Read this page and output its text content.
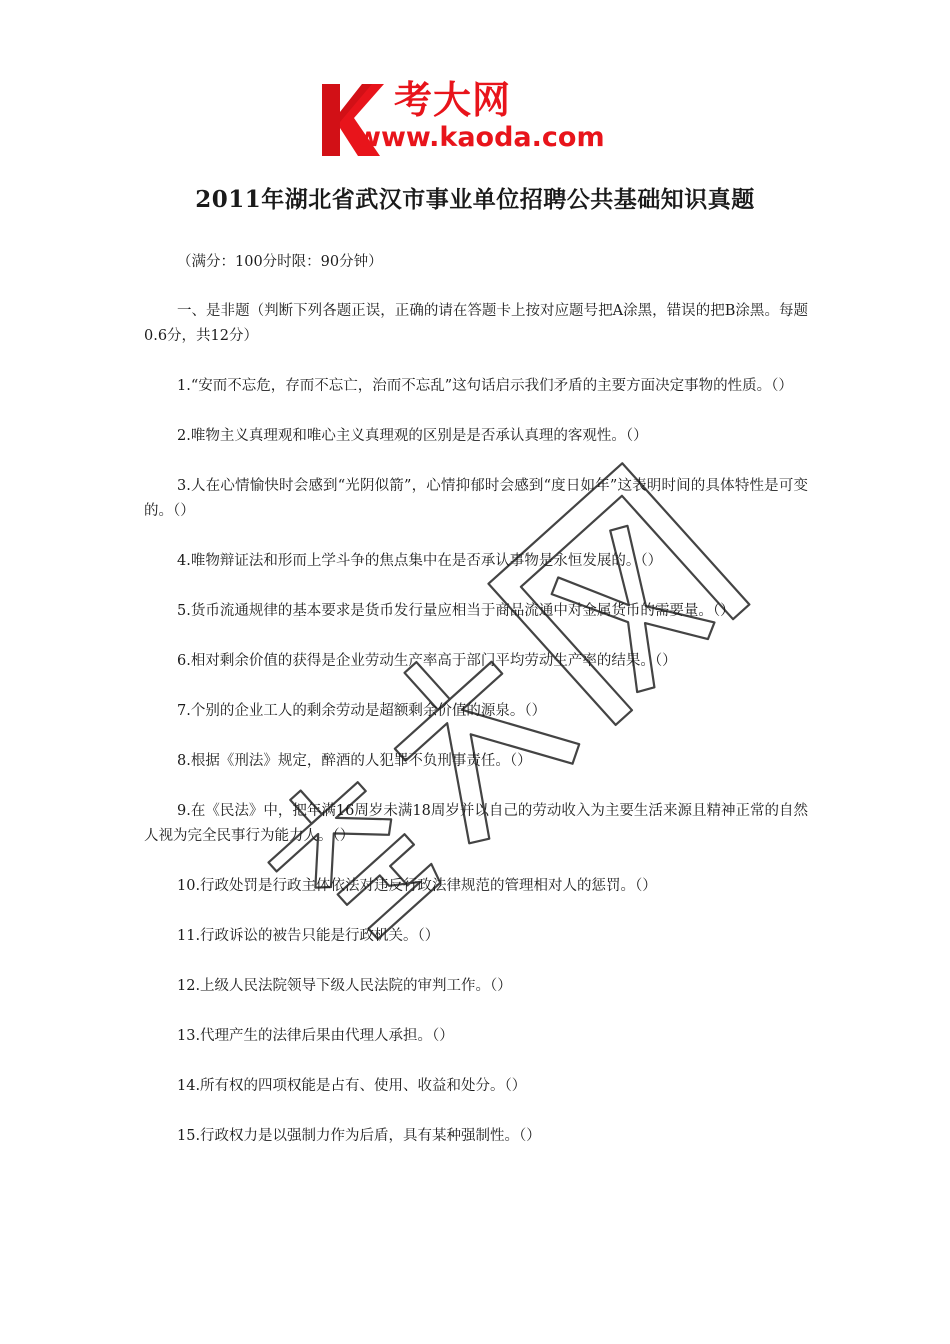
考大网
www.kaoda.com
2011年湖北省武汉市事业单位招聘公共基础知识真题

（满分：100分时限：90分钟）

一、是非题（判断下列各题正误，正确的请在答题卡上按对应题号把A涂黑，错误的把B涂黑。每题0.6分，共12分）

1.“安而不忘危，存而不忘亡，治而不忘乱”这句话启示我们矛盾的主要方面决定事物的性质。（）

2.唯物主义真理观和唯心主义真理观的区别是是否承认真理的客观性。（）

3.人在心情愉快时会感到“光阴似箭”，心情抑郁时会感到“度日如年”这表明时间的具体特性是可变的。（）

4.唯物辩证法和形而上学斗争的焦点集中在是否承认事物是永恒发展的。（）

5.货币流通规律的基本要求是货币发行量应相当于商品流通中对金属货币的需要量。（）

6.相对剩余价值的获得是企业劳动生产率高于部门平均劳动生产率的结果。（）

7.个别的企业工人的剩余劳动是超额剩余价值的源泉。（）

8.根据《刑法》规定，醉酒的人犯罪不负刑事责任。（）

9.在《民法》中，把年满16周岁未满18周岁并以自己的劳动收入为主要生活来源且精神正常的自然人视为完全民事行为能力人。（）

10.行政处罚是行政主体依法对违反行政法律规范的管理相对人的惩罚。（）

11.行政诉讼的被告只能是行政机关。（）

12.上级人民法院领导下级人民法院的审判工作。（）

13.代理产生的法律后果由代理人承担。（）

14.所有权的四项权能是占有、使用、收益和处分。（）

15.行政权力是以强制力作为后盾，具有某种强制性。（）
